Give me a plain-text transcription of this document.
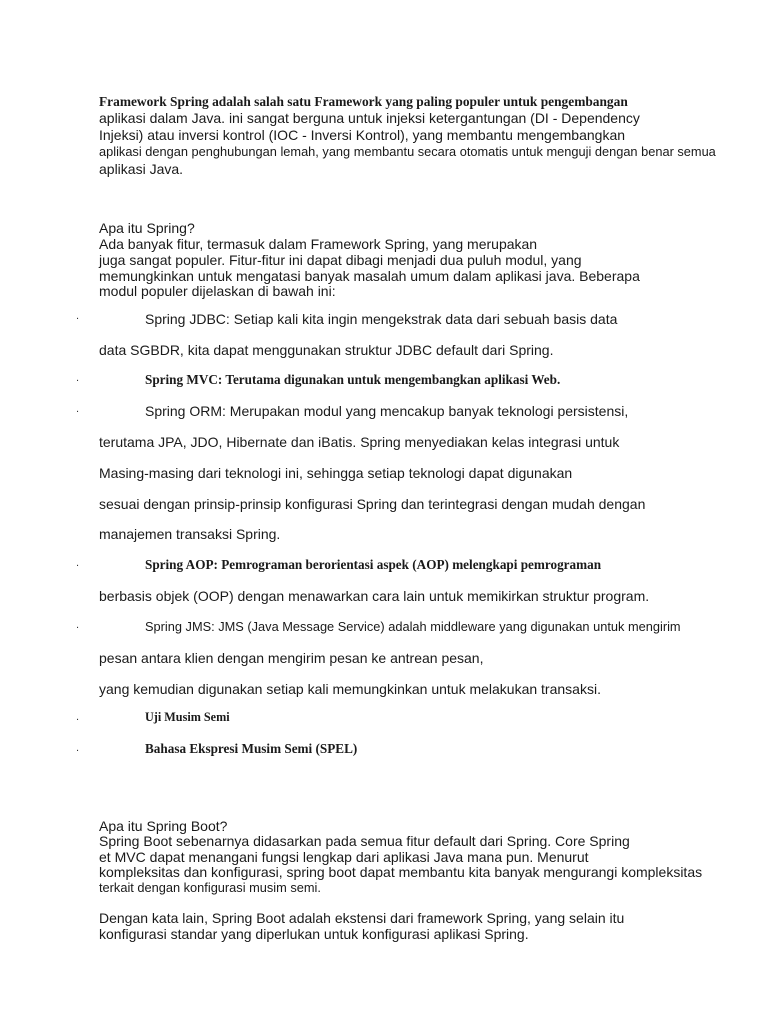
Framework Spring adalah salah satu Framework yang paling populer untuk pengembangan

aplikasi dalam Java. ini sangat berguna untuk injeksi ketergantungan (DI - Dependency

Injeksi) atau inversi kontrol (IOC - Inversi Kontrol), yang membantu mengembangkan

aplikasi dengan penghubungan lemah, yang membantu secara otomatis untuk menguji dengan benar semua

aplikasi Java.

Apa itu Spring?

Ada banyak fitur, termasuk dalam Framework Spring, yang merupakan

juga sangat populer. Fitur-fitur ini dapat dibagi menjadi dua puluh modul, yang

memungkinkan untuk mengatasi banyak masalah umum dalam aplikasi java. Beberapa

modul populer dijelaskan di bawah ini:

.	Spring JDBC: Setiap kali kita ingin mengekstrak data dari sebuah basis data

data SGBDR, kita dapat menggunakan struktur JDBC default dari Spring.

.	Spring MVC: Terutama digunakan untuk mengembangkan aplikasi Web.

.	Spring ORM: Merupakan modul yang mencakup banyak teknologi persistensi,

terutama JPA, JDO, Hibernate dan iBatis. Spring menyediakan kelas integrasi untuk

Masing-masing dari teknologi ini, sehingga setiap teknologi dapat digunakan

sesuai dengan prinsip-prinsip konfigurasi Spring dan terintegrasi dengan mudah dengan

manajemen transaksi Spring.

.	Spring AOP: Pemrograman berorientasi aspek (AOP) melengkapi pemrograman

berbasis objek (OOP) dengan menawarkan cara lain untuk memikirkan struktur program.

.	Spring JMS: JMS (Java Message Service) adalah middleware yang digunakan untuk mengirim

pesan antara klien dengan mengirim pesan ke antrean pesan,

yang kemudian digunakan setiap kali memungkinkan untuk melakukan transaksi.

.	Uji Musim Semi

.	Bahasa Ekspresi Musim Semi (SPEL)

Apa itu Spring Boot?

Spring Boot sebenarnya didasarkan pada semua fitur default dari Spring. Core Spring

et MVC dapat menangani fungsi lengkap dari aplikasi Java mana pun. Menurut

kompleksitas dan konfigurasi, spring boot dapat membantu kita banyak mengurangi kompleksitas

terkait dengan konfigurasi musim semi.

Dengan kata lain, Spring Boot adalah ekstensi dari framework Spring, yang selain itu

konfigurasi standar yang diperlukan untuk konfigurasi aplikasi Spring.
